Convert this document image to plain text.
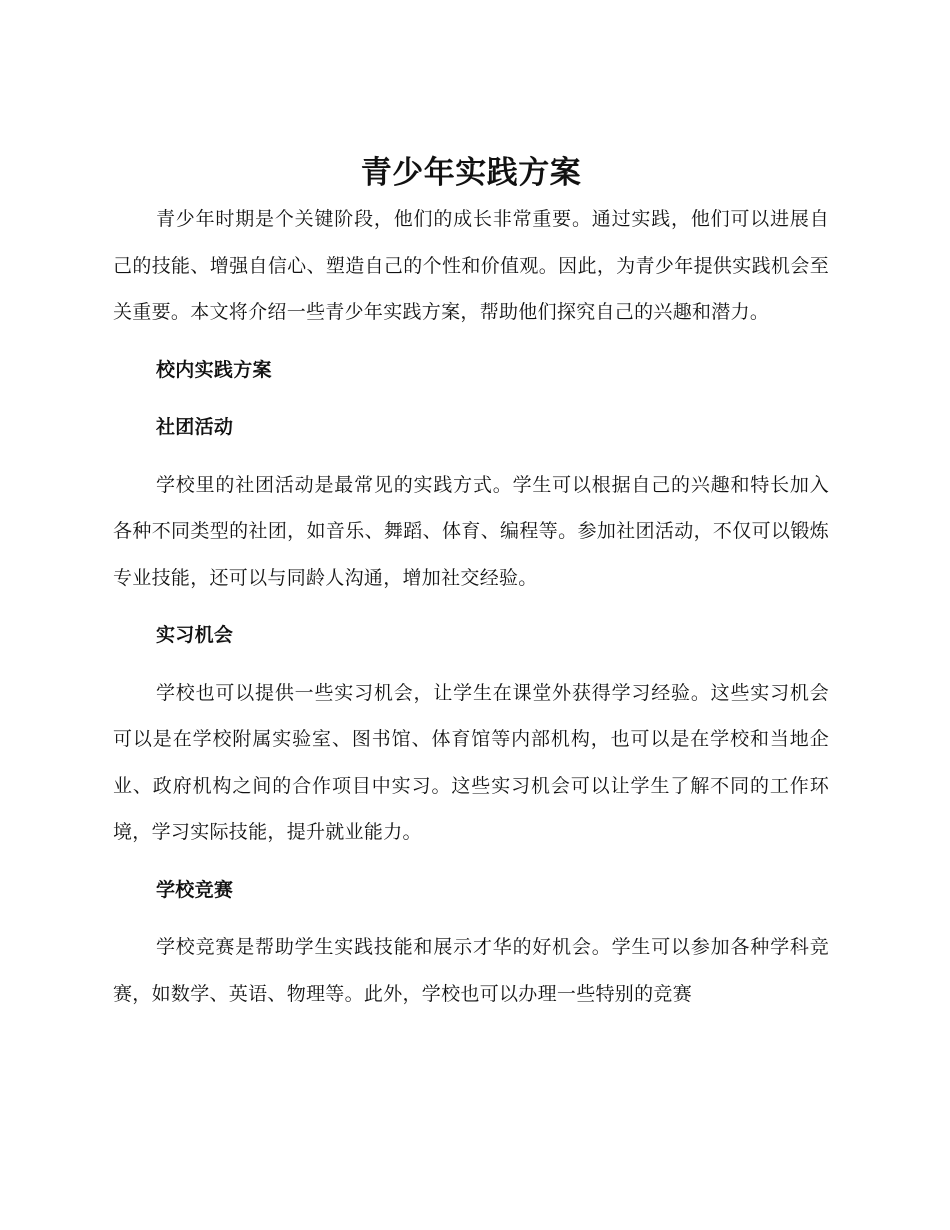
青少年实践方案

青少年时期是个关键阶段，他们的成长非常重要。通过实践，他们可以进展自己的技能、增强自信心、塑造自己的个性和价值观。因此，为青少年提供实践机会至关重要。本文将介绍一些青少年实践方案，帮助他们探究自己的兴趣和潜力。

校内实践方案
社团活动

学校里的社团活动是最常见的实践方式。学生可以根据自己的兴趣和特长加入各种不同类型的社团，如音乐、舞蹈、体育、编程等。参加社团活动，不仅可以锻炼专业技能，还可以与同龄人沟通，增加社交经验。

实习机会

学校也可以提供一些实习机会，让学生在课堂外获得学习经验。这些实习机会可以是在学校附属实验室、图书馆、体育馆等内部机构，也可以是在学校和当地企业、政府机构之间的合作项目中实习。这些实习机会可以让学生了解不同的工作环境，学习实际技能，提升就业能力。

学校竞赛

学校竞赛是帮助学生实践技能和展示才华的好机会。学生可以参加各种学科竞赛，如数学、英语、物理等。此外，学校也可以办理一些特别的竞赛
